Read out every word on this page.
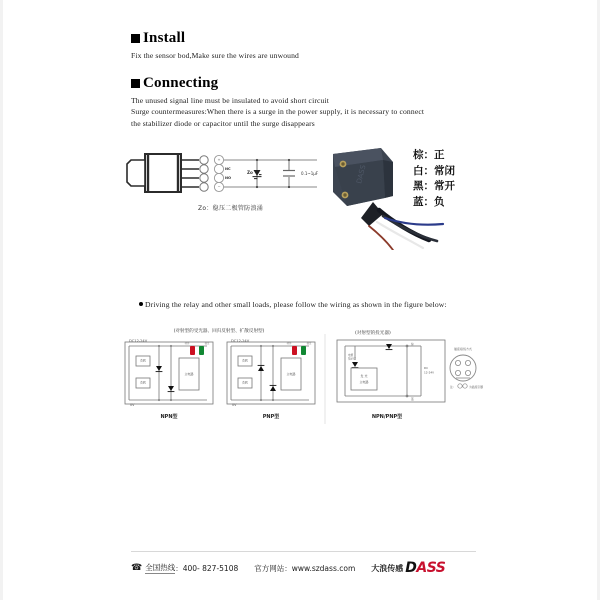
Install
Fix the sensor bod,Make sure the wires are unwound
Connecting
The unused signal line must be insulated to avoid short circuit
Surge countermeasures:When there is a surge in the power supply, it is necessary to connect
the stabilizer diode or capacitor until the surge disappears
+
−
NC
NO
Zo	0.1~1µF	DASS
Zo：稳压二极管防浪涌
棕：正
白：常闭
黑：常开
蓝：负
Driving the relay and other small loads, please follow the wiring as shown in the figure below:
(对射型的受光器、回归反射型、扩散反射型)
DC12-24V
0V
负载
负载
主电路
动作	稳定
NPN型
DC12-24V
0V
负载
负载
主电路
动作	稳定
PNP型
(对射型的投光器)
电源
指示灯
发 光
主电路
棕
蓝
DC
12-24V
插座接线方式
注：	为插座引脚
NPN/PNP型
☎ 全国热线 ： 400- 827-5108 官方网站 ： www.szdass.com 大浪传感 DASS
